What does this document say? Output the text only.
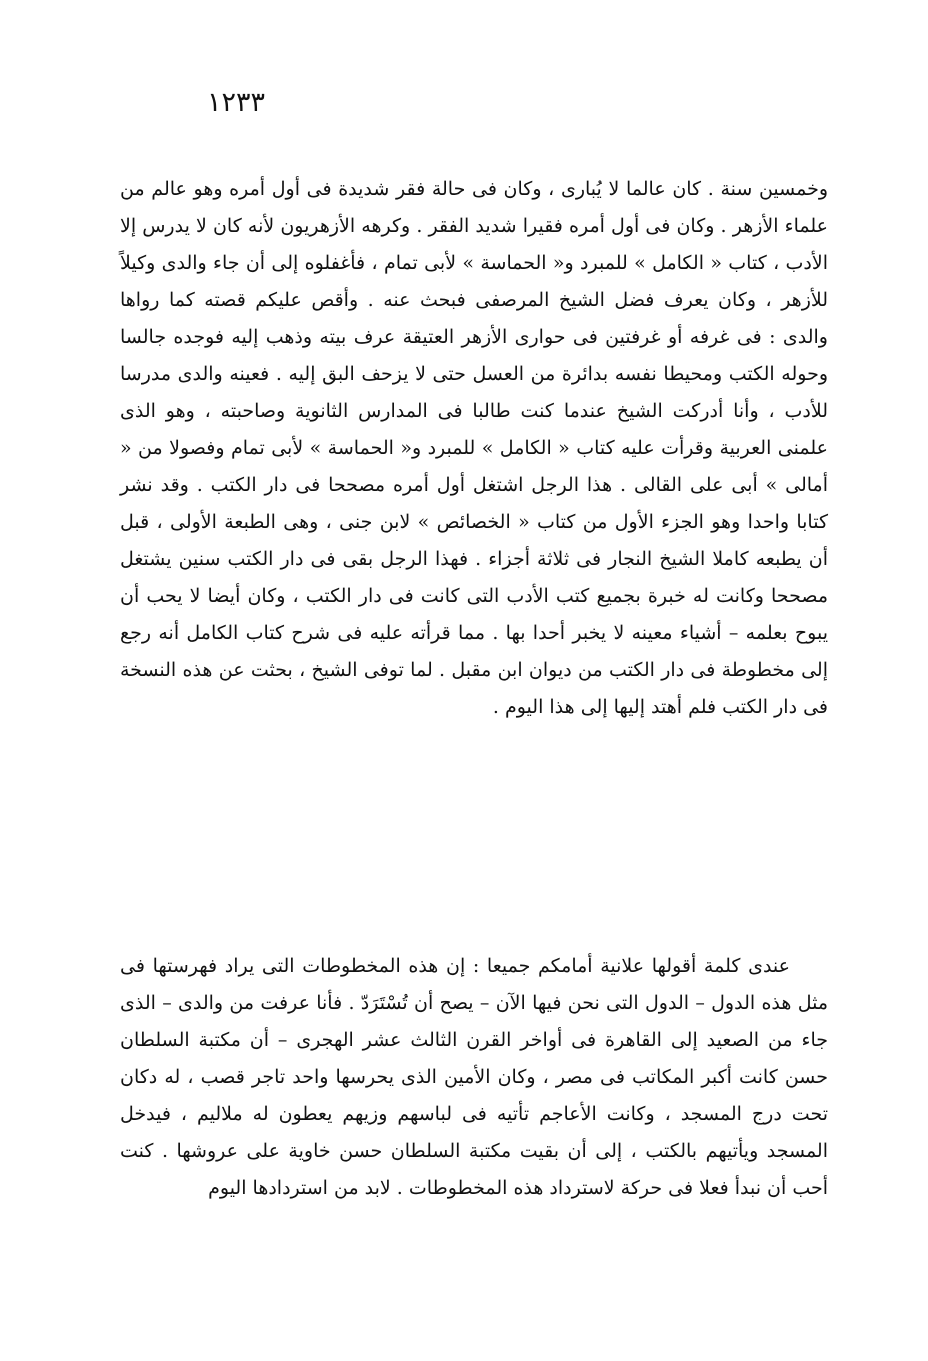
١٢٣٣

وخمسين سنة . كان عالما لا يُبارى ، وكان فى حالة فقر شديدة فى أول أمره وهو عالم من علماء الأزهر . وكان فى أول أمره فقيرا شديد الفقر . وكرهه الأزهريون لأنه كان لا يدرس إلا الأدب ، كتاب « الكامل » للمبرد و« الحماسة » لأبى تمام ، فأغفلوه إلى أن جاء والدى وكيلاً للأزهر ، وكان يعرف فضل الشيخ المرصفى فبحث عنه . وأقص عليكم قصته كما رواها والدى : فى غرفه أو غرفتين فى حوارى الأزهر العتيقة عرف بيته وذهب إليه فوجده جالسا وحوله الكتب ومحيطا نفسه بدائرة من العسل حتى لا يزحف البق إليه . فعينه والدى مدرسا للأدب ، وأنا أدركت الشيخ عندما كنت طالبا فى المدارس الثانوية وصاحبته ، وهو الذى علمنى العربية وقرأت عليه كتاب « الكامل » للمبرد و« الحماسة » لأبى تمام وفصولا من « أمالى » أبى على القالى . هذا الرجل اشتغل أول أمره مصححا فى دار الكتب . وقد نشر كتابا واحدا وهو الجزء الأول من كتاب « الخصائص » لابن جنى ، وهى الطبعة الأولى ، قبل أن يطبعه كاملا الشيخ النجار فى ثلاثة أجزاء . فهذا الرجل بقى فى دار الكتب سنين يشتغل مصححا وكانت له خبرة بجميع كتب الأدب التى كانت فى دار الكتب ، وكان أيضا لا يحب أن يبوح بعلمه – أشياء معينه لا يخبر أحدا بها . مما قرأته عليه فى شرح كتاب الكامل أنه رجع إلى مخطوطة فى دار الكتب من ديوان ابن مقبل . لما توفى الشيخ ، بحثت عن هذه النسخة فى دار الكتب فلم أهتد إليها إلى هذا اليوم .

عندى كلمة أقولها علانية أمامكم جميعا : إن هذه المخطوطات التى يراد فهرستها فى مثل هذه الدول – الدول التى نحن فيها الآن – يصح أن تُسْتَرَدّ . فأنا عرفت من والدى – الذى جاء من الصعيد إلى القاهرة فى أواخر القرن الثالث عشر الهجرى – أن مكتبة السلطان حسن كانت أكبر المكاتب فى مصر ، وكان الأمين الذى يحرسها واحد تاجر قصب ، له دكان تحت درج المسجد ، وكانت الأعاجم تأتيه فى لباسهم وزيهم يعطون له ملاليم ، فيدخل المسجد ويأتيهم بالكتب ، إلى أن بقيت مكتبة السلطان حسن خاوية على عروشها . كنت أحب أن نبدأ فعلا فى حركة لاسترداد هذه المخطوطات . لابد من استردادها اليوم
